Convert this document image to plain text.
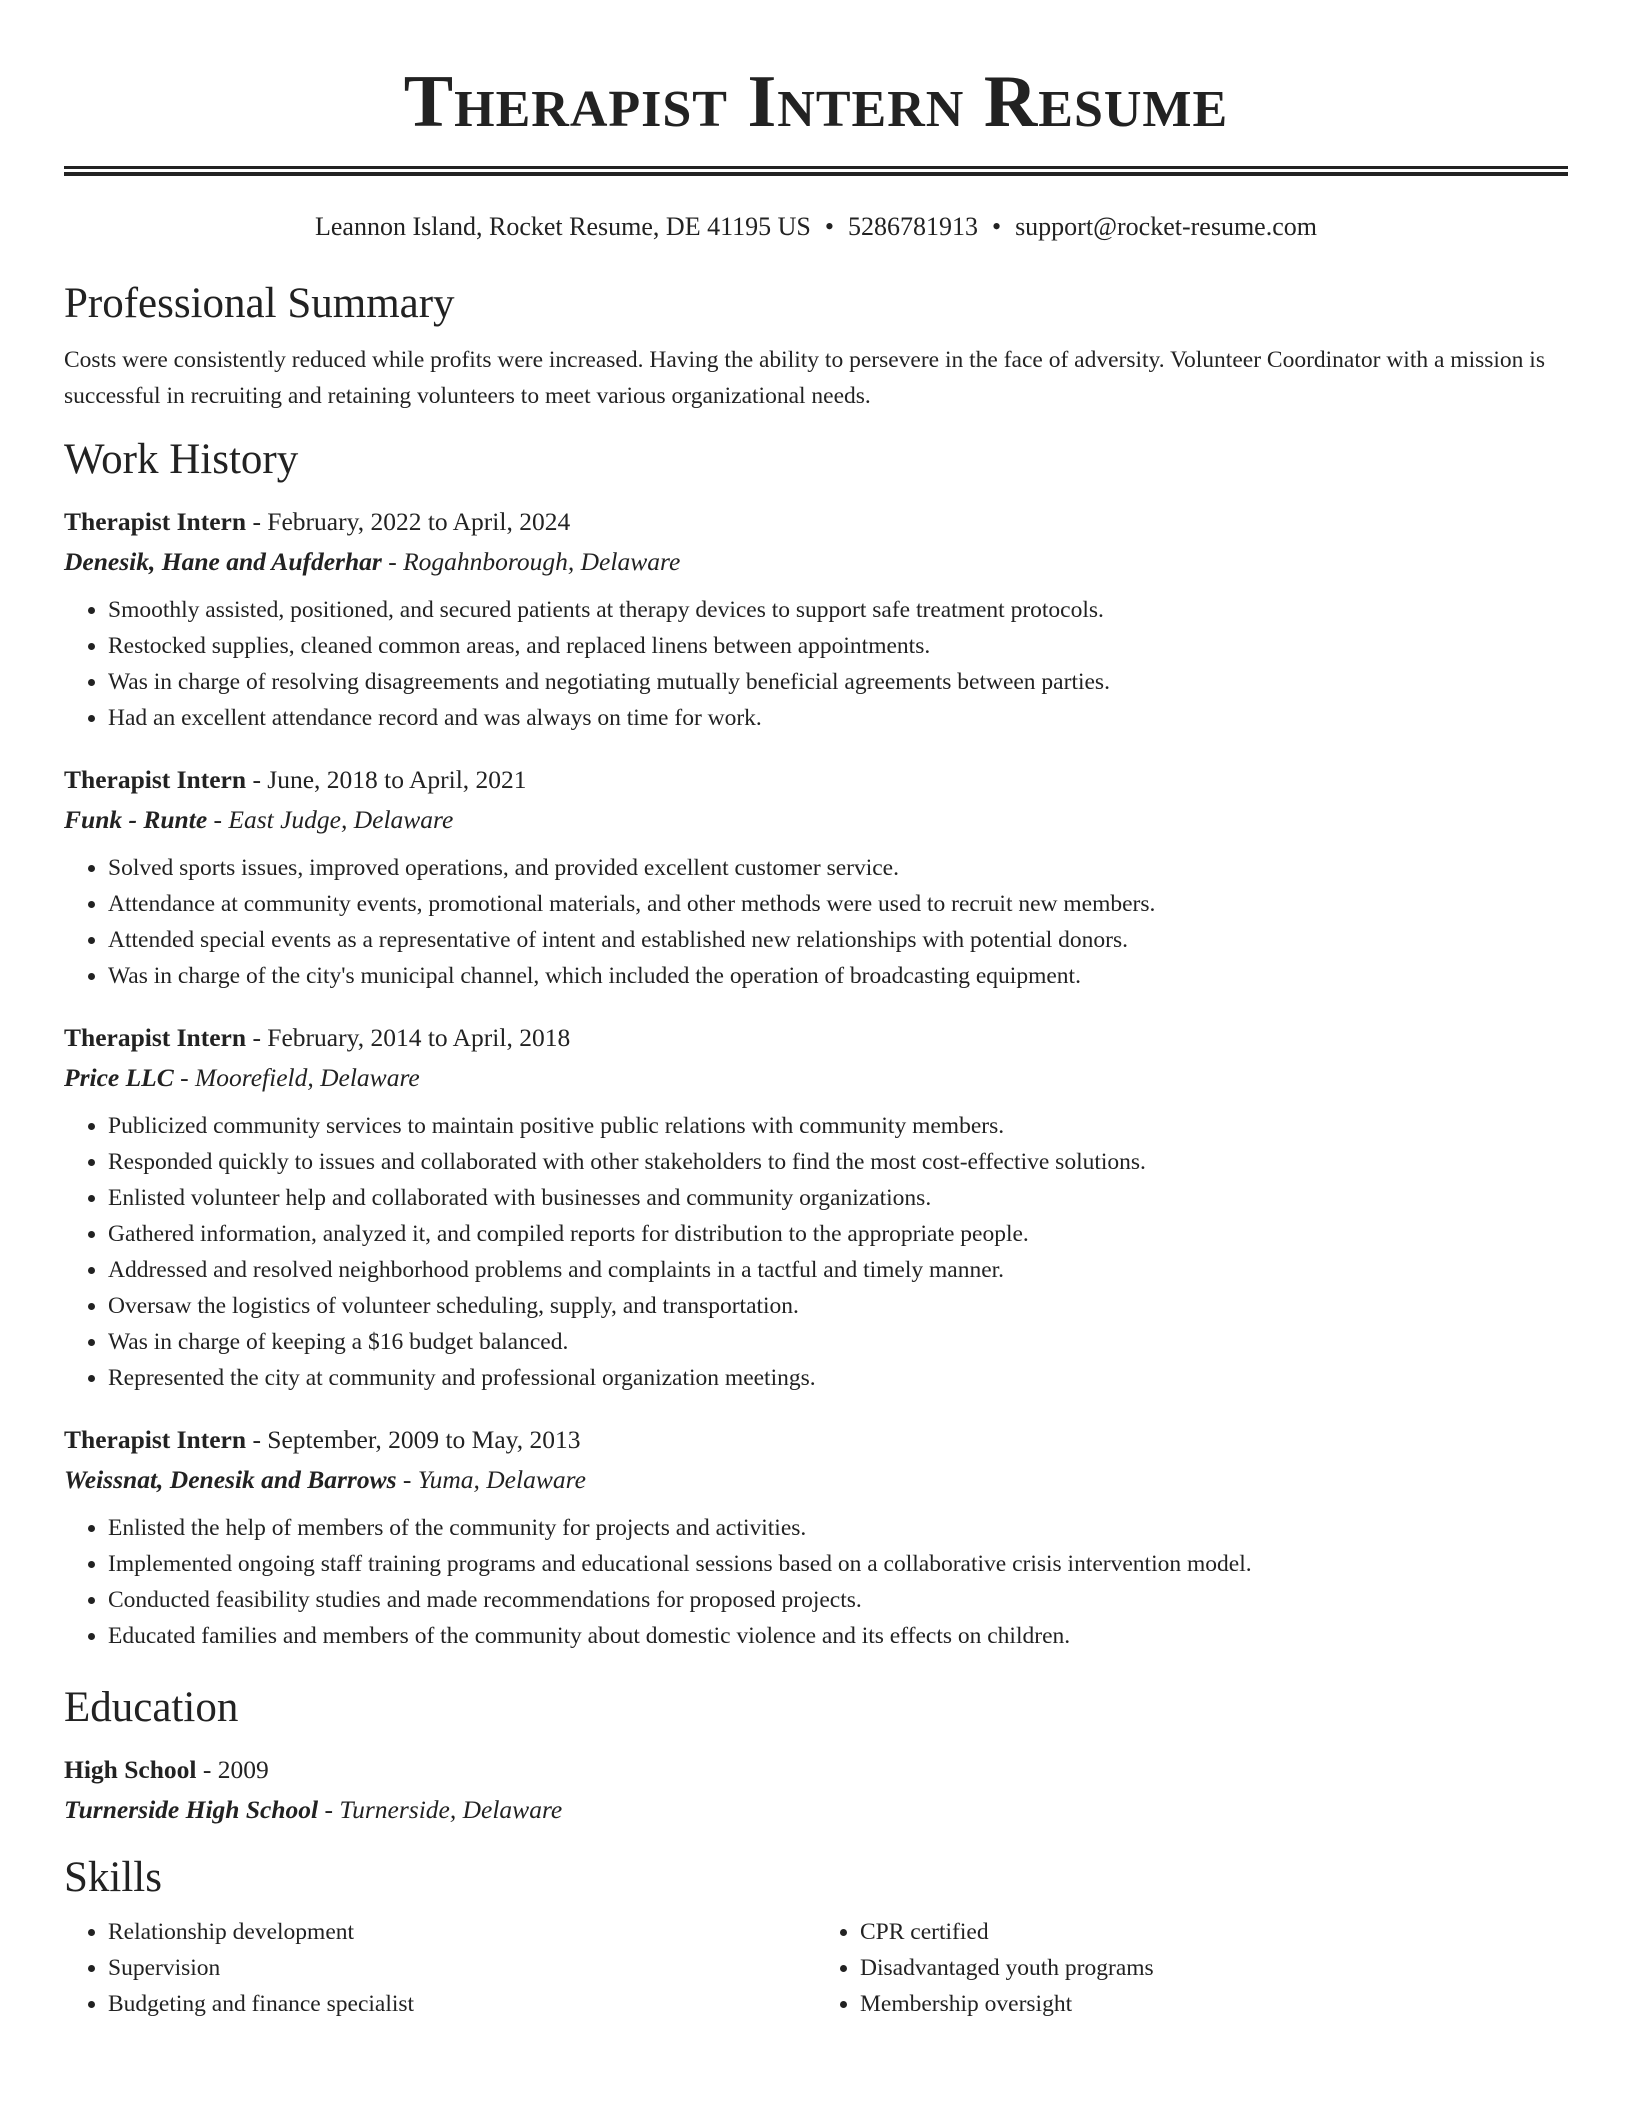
Therapist Intern Resume
Leannon Island, Rocket Resume, DE 41195 US • 5286781913 • support@rocket-resume.com
Professional Summary
Costs were consistently reduced while profits were increased. Having the ability to persevere in the face of adversity. Volunteer Coordinator with a mission is successful in recruiting and retaining volunteers to meet various organizational needs.
Work History
Therapist Intern - February, 2022 to April, 2024
Denesik, Hane and Aufderhar - Rogahnborough, Delaware
• Smoothly assisted, positioned, and secured patients at therapy devices to support safe treatment protocols.
• Restocked supplies, cleaned common areas, and replaced linens between appointments.
• Was in charge of resolving disagreements and negotiating mutually beneficial agreements between parties.
• Had an excellent attendance record and was always on time for work.
Therapist Intern - June, 2018 to April, 2021
Funk - Runte - East Judge, Delaware
• Solved sports issues, improved operations, and provided excellent customer service.
• Attendance at community events, promotional materials, and other methods were used to recruit new members.
• Attended special events as a representative of intent and established new relationships with potential donors.
• Was in charge of the city's municipal channel, which included the operation of broadcasting equipment.
Therapist Intern - February, 2014 to April, 2018
Price LLC - Moorefield, Delaware
• Publicized community services to maintain positive public relations with community members.
• Responded quickly to issues and collaborated with other stakeholders to find the most cost-effective solutions.
• Enlisted volunteer help and collaborated with businesses and community organizations.
• Gathered information, analyzed it, and compiled reports for distribution to the appropriate people.
• Addressed and resolved neighborhood problems and complaints in a tactful and timely manner.
• Oversaw the logistics of volunteer scheduling, supply, and transportation.
• Was in charge of keeping a $16 budget balanced.
• Represented the city at community and professional organization meetings.
Therapist Intern - September, 2009 to May, 2013
Weissnat, Denesik and Barrows - Yuma, Delaware
• Enlisted the help of members of the community for projects and activities.
• Implemented ongoing staff training programs and educational sessions based on a collaborative crisis intervention model.
• Conducted feasibility studies and made recommendations for proposed projects.
• Educated families and members of the community about domestic violence and its effects on children.
Education
High School - 2009
Turnerside High School - Turnerside, Delaware
Skills
• Relationship development
• Supervision
• Budgeting and finance specialist
• CPR certified
• Disadvantaged youth programs
• Membership oversight
